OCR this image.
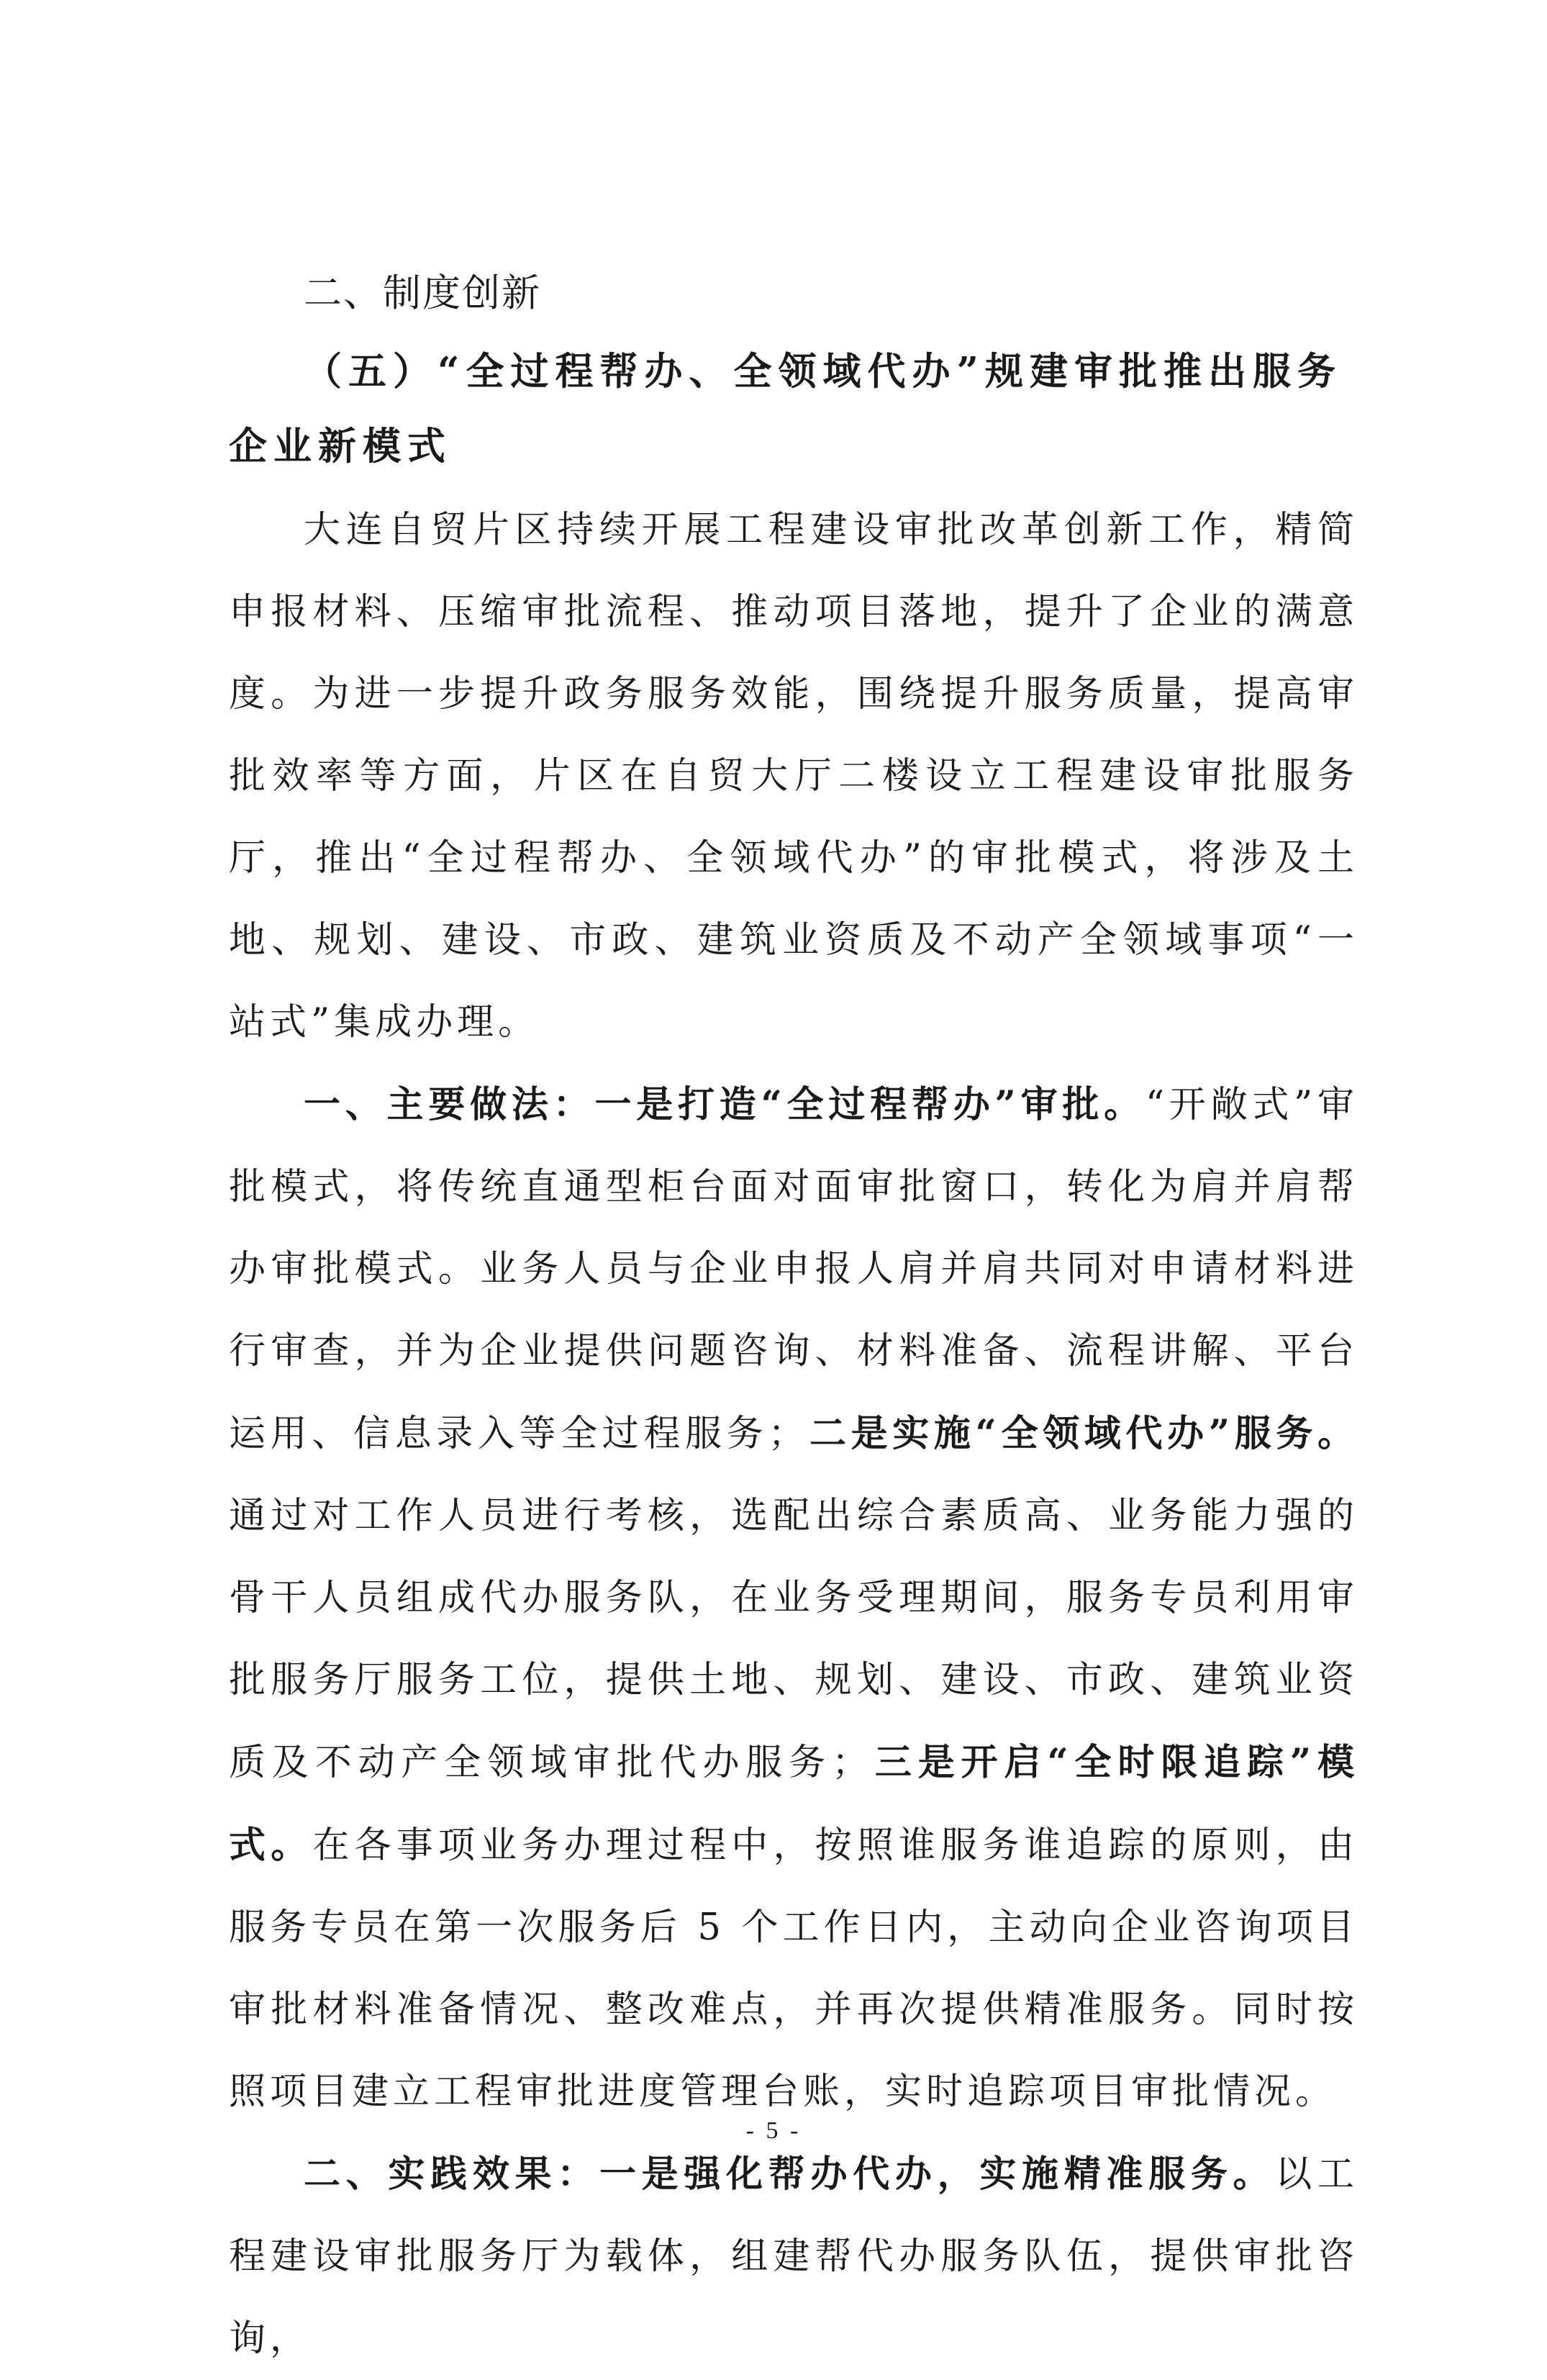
二、制度创新

（五）“全过程帮办、全领域代办”规建审批推出服务企业新模式

大连自贸片区持续开展工程建设审批改革创新工作，精简申报材料、压缩审批流程、推动项目落地，提升了企业的满意度。为进一步提升政务服务效能，围绕提升服务质量，提高审批效率等方面，片区在自贸大厅二楼设立工程建设审批服务厅，推出“全过程帮办、全领域代办”的审批模式，将涉及土地、规划、建设、市政、建筑业资质及不动产全领域事项“一站式”集成办理。

一、主要做法：一是打造“全过程帮办”审批。“开敞式”审批模式，将传统直通型柜台面对面审批窗口，转化为肩并肩帮办审批模式。业务人员与企业申报人肩并肩共同对申请材料进行审查，并为企业提供问题咨询、材料准备、流程讲解、平台运用、信息录入等全过程服务；二是实施“全领域代办”服务。通过对工作人员进行考核，选配出综合素质高、业务能力强的骨干人员组成代办服务队，在业务受理期间，服务专员利用审批服务厅服务工位，提供土地、规划、建设、市政、建筑业资质及不动产全领域审批代办服务；三是开启“全时限追踪”模式。在各事项业务办理过程中，按照谁服务谁追踪的原则，由服务专员在第一次服务后 5 个工作日内，主动向企业咨询项目审批材料准备情况、整改难点，并再次提供精准服务。同时按照项目建立工程审批进度管理台账，实时追踪项目审批情况。

二、实践效果：一是强化帮办代办，实施精准服务。以工程建设审批服务厅为载体，组建帮代办服务队伍，提供审批咨询，

- 5 -
